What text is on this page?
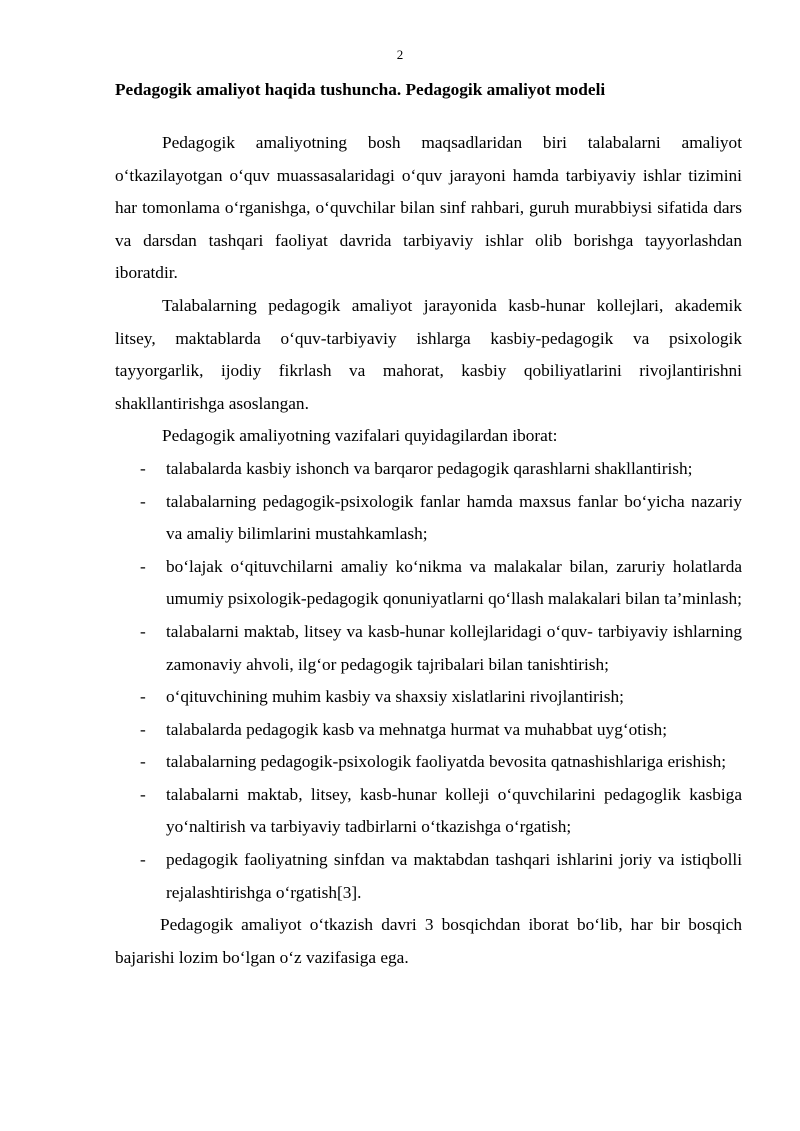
2
Pedagogik amaliyot haqida tushuncha. Pedagogik amaliyot modeli

Pedagogik amaliyotning bosh maqsadlaridan biri talabalarni amaliyot o‘tkazilayotgan o‘quv muassasalaridagi o‘quv jarayoni hamda tarbiyaviy ishlar tizimini har tomonlama o‘rganishga, o‘quvchilar bilan sinf rahbari, guruh murabbiysi sifatida dars va darsdan tashqari faoliyat davrida tarbiyaviy ishlar olib borishga tayyorlashdan iboratdir.

Talabalarning pedagogik amaliyot jarayonida kasb-hunar kollejlari, akademik litsey, maktablarda o‘quv-tarbiyaviy ishlarga kasbiy-pedagogik va psixologik tayyorgarlik, ijodiy fikrlash va mahorat, kasbiy qobiliyatlarini rivojlantirishni shakllantirishga asoslangan.

Pedagogik amaliyotning vazifalari quyidagilardan iborat:

- talabalarda kasbiy ishonch va barqaror pedagogik qarashlarni shakllantirish;
- talabalarning pedagogik-psixologik fanlar hamda maxsus fanlar bo‘yicha nazariy va amaliy bilimlarini mustahkamlash;
- bo‘lajak o‘qituvchilarni amaliy ko‘nikma va malakalar bilan, zaruriy holatlarda umumiy psixologik-pedagogik qonuniyatlarni qo‘llash malakalari bilan ta’minlash;
- talabalarni maktab, litsey va kasb-hunar kollejlaridagi o‘quv- tarbiyaviy ishlarning zamonaviy ahvoli, ilg‘or pedagogik tajribalari bilan tanishtirish;
- o‘qituvchining muhim kasbiy va shaxsiy xislatlarini rivojlantirish;
- talabalarda pedagogik kasb va mehnatga hurmat va muhabbat uyg‘otish;
- talabalarning pedagogik-psixologik faoliyatda bevosita qatnashishlariga erishish;
- talabalarni maktab, litsey, kasb-hunar kolleji o‘quvchilarini pedagoglik kasbiga yo‘naltirish va tarbiyaviy tadbirlarni o‘tkazishga o‘rgatish;
- pedagogik faoliyatning sinfdan va maktabdan tashqari ishlarini joriy va istiqbolli rejalashtirishga o‘rgatish[3].

Pedagogik amaliyot o‘tkazish davri 3 bosqichdan iborat bo‘lib, har bir bosqich bajarishi lozim bo‘lgan o‘z vazifasiga ega.
